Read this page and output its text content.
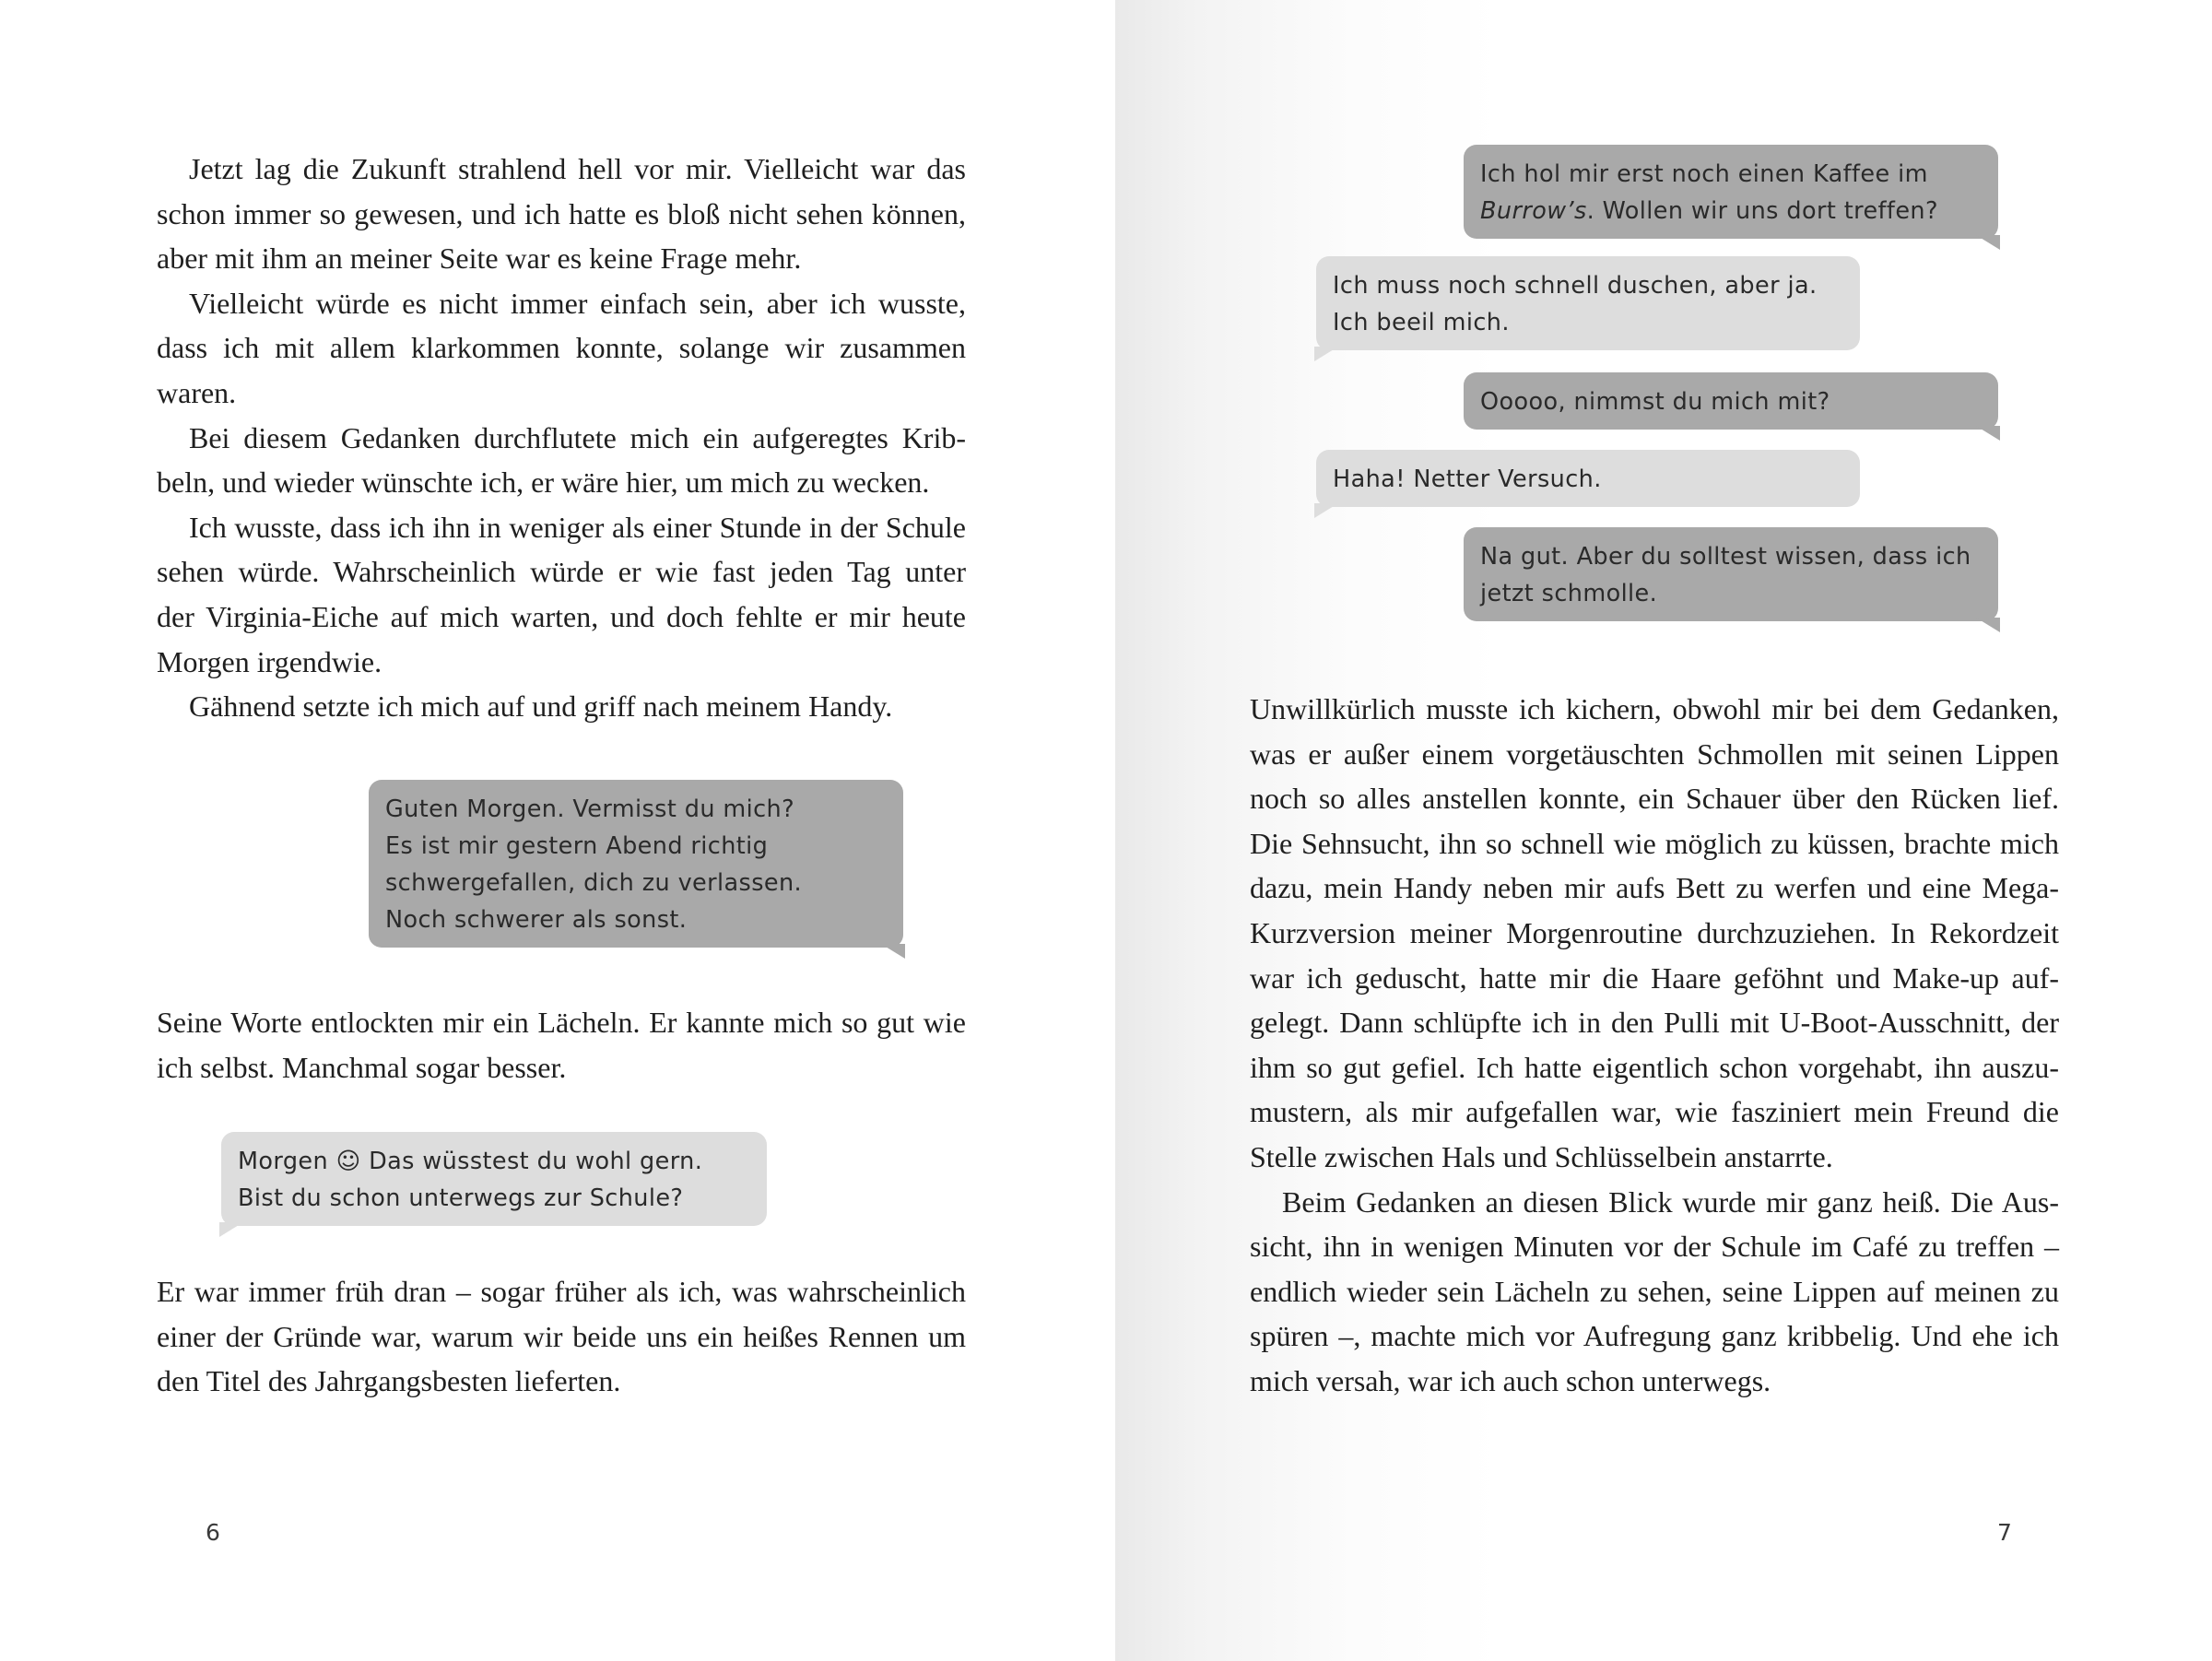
Jetzt lag die Zukunft strahlend hell vor mir. Vielleicht war das
schon immer so gewesen, und ich hatte es bloß nicht sehen können,
aber mit ihm an meiner Seite war es keine Frage mehr.

Vielleicht würde es nicht immer einfach sein, aber ich wusste,
dass ich mit allem klarkommen konnte, solange wir zusammen
waren.

Bei diesem Gedanken durchflutete mich ein aufgeregtes Krib-
beln, und wieder wünschte ich, er wäre hier, um mich zu wecken.

Ich wusste, dass ich ihn in weniger als einer Stunde in der Schule
sehen würde. Wahrscheinlich würde er wie fast jeden Tag unter
der Virginia-Eiche auf mich warten, und doch fehlte er mir heute
Morgen irgendwie.

Gähnend setzte ich mich auf und griff nach meinem Handy.

Guten Morgen. Vermisst du mich?
Es ist mir gestern Abend richtig
schwergefallen, dich zu verlassen.
Noch schwerer als sonst.

Seine Worte entlockten mir ein Lächeln. Er kannte mich so gut wie
ich selbst. Manchmal sogar besser.

Morgen ☺ Das wüsstest du wohl gern.
Bist du schon unterwegs zur Schule?

Er war immer früh dran – sogar früher als ich, was wahrscheinlich
einer der Gründe war, warum wir beide uns ein heißes Rennen um
den Titel des Jahrgangsbesten lieferten.

6
Ich hol mir erst noch einen Kaffee im
Burrow’s. Wollen wir uns dort treffen?
Ich muss noch schnell duschen, aber ja.
Ich beeil mich.
Ooooo, nimmst du mich mit?
Haha! Netter Versuch.
Na gut. Aber du solltest wissen, dass ich
jetzt schmolle.

Unwillkürlich musste ich kichern, obwohl mir bei dem Gedanken,
was er außer einem vorgetäuschten Schmollen mit seinen Lippen
noch so alles anstellen konnte, ein Schauer über den Rücken lief.
Die Sehnsucht, ihn so schnell wie möglich zu küssen, brachte mich
dazu, mein Handy neben mir aufs Bett zu werfen und eine Mega-
Kurzversion meiner Morgenroutine durchzuziehen. In Rekordzeit
war ich geduscht, hatte mir die Haare geföhnt und Make-up auf-
gelegt. Dann schlüpfte ich in den Pulli mit U-Boot-Ausschnitt, der
ihm so gut gefiel. Ich hatte eigentlich schon vorgehabt, ihn auszu-
mustern, als mir aufgefallen war, wie fasziniert mein Freund die
Stelle zwischen Hals und Schlüsselbein anstarrte.

Beim Gedanken an diesen Blick wurde mir ganz heiß. Die Aus-
sicht, ihn in wenigen Minuten vor der Schule im Café zu treffen –
endlich wieder sein Lächeln zu sehen, seine Lippen auf meinen zu
spüren –, machte mich vor Aufregung ganz kribbelig. Und ehe ich
mich versah, war ich auch schon unterwegs.

7
